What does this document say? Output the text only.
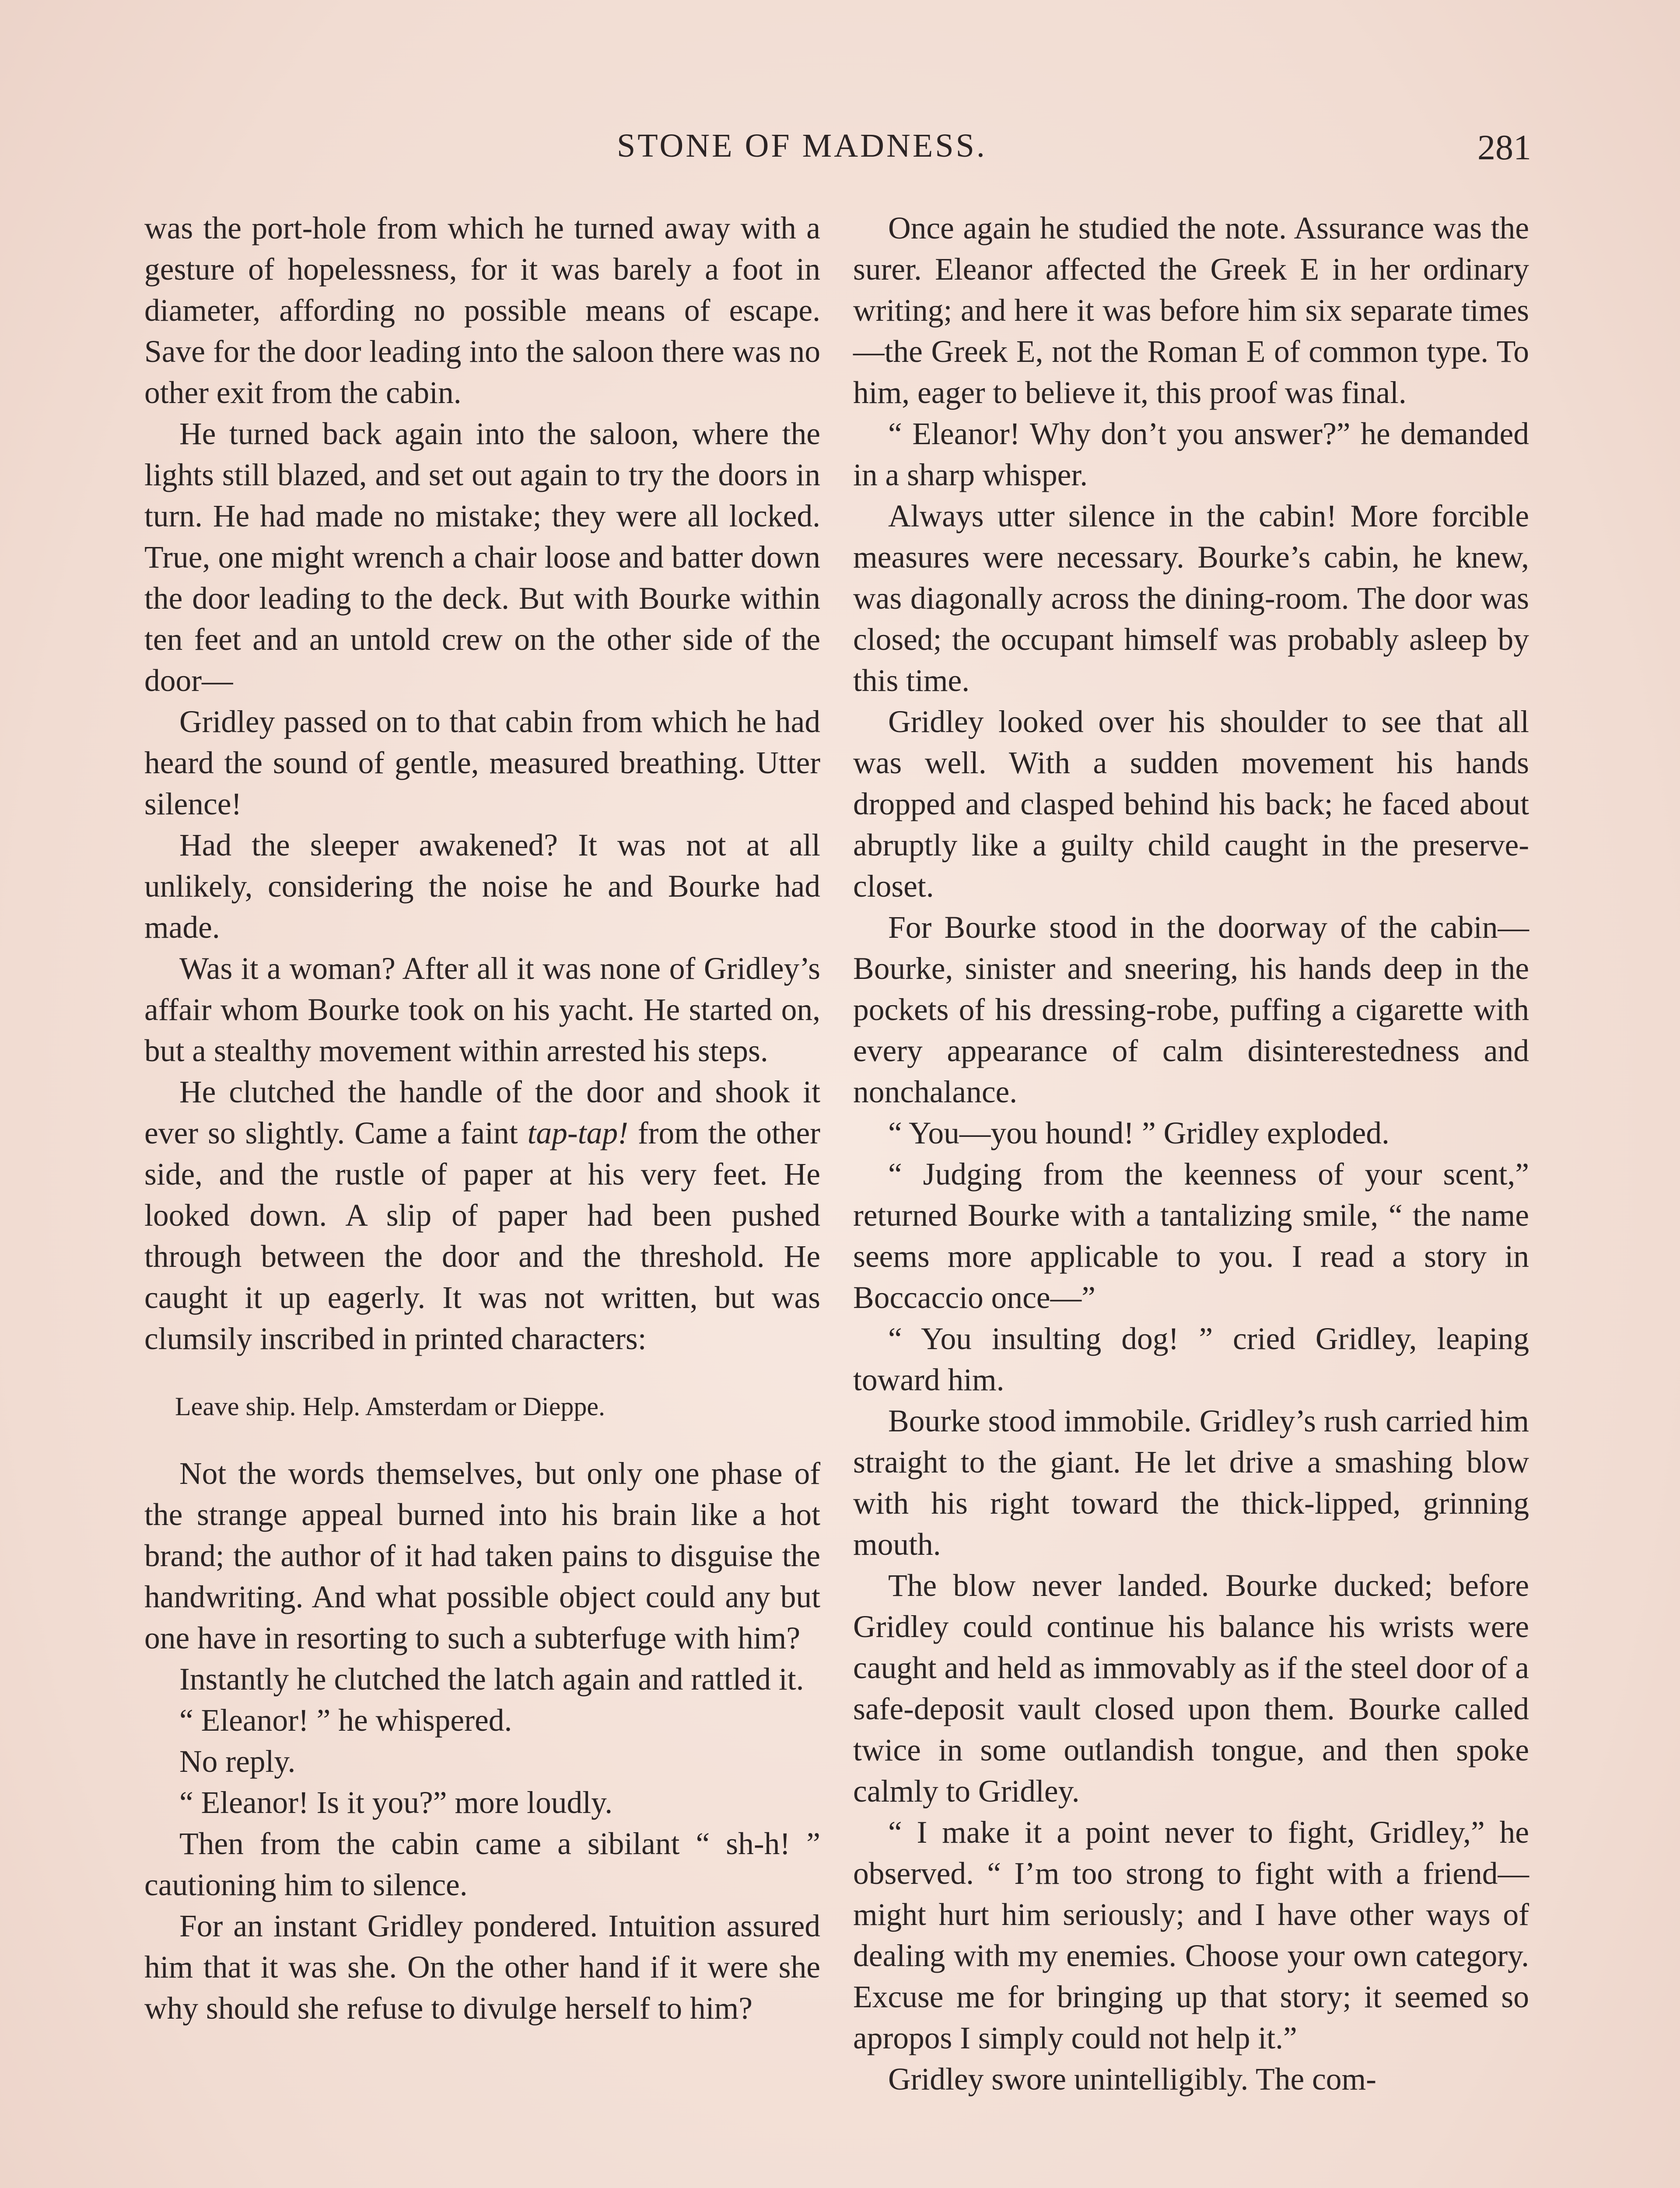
STONE OF MADNESS.	281

was the port-hole from which he turned away with a gesture of hopelessness, for it was barely a foot in diameter, affording no possible means of escape. Save for the door leading into the saloon there was no other exit from the cabin.

He turned back again into the saloon, where the lights still blazed, and set out again to try the doors in turn. He had made no mistake; they were all locked. True, one might wrench a chair loose and batter down the door leading to the deck. But with Bourke within ten feet and an untold crew on the other side of the door—

Gridley passed on to that cabin from which he had heard the sound of gentle, measured breathing. Utter silence!

Had the sleeper awakened? It was not at all unlikely, considering the noise he and Bourke had made.

Was it a woman? After all it was none of Gridley’s affair whom Bourke took on his yacht. He started on, but a stealthy movement within arrested his steps.

He clutched the handle of the door and shook it ever so slightly. Came a faint tap-tap! from the other side, and the rustle of paper at his very feet. He looked down. A slip of paper had been pushed through between the door and the threshold. He caught it up eagerly. It was not written, but was clumsily inscribed in printed characters:

Leave ship. Help. Amsterdam or Dieppe.

Not the words themselves, but only one phase of the strange appeal burned into his brain like a hot brand; the author of it had taken pains to disguise the handwriting. And what possible object could any but one have in resorting to such a subterfuge with him?

Instantly he clutched the latch again and rattled it.

“ Eleanor! ” he whispered.

No reply.

“ Eleanor! Is it you?” more loudly.

Then from the cabin came a sibilant “ sh-h! ” cautioning him to silence.

For an instant Gridley pondered. Intuition assured him that it was she. On the other hand if it were she why should she refuse to divulge herself to him?

Once again he studied the note. Assurance was the surer. Eleanor affected the Greek E in her ordinary writing; and here it was before him six separate times—the Greek E, not the Roman E of common type. To him, eager to believe it, this proof was final.

“ Eleanor! Why don’t you answer?” he demanded in a sharp whisper.

Always utter silence in the cabin! More forcible measures were necessary. Bourke’s cabin, he knew, was diagonally across the dining-room. The door was closed; the occupant himself was probably asleep by this time.

Gridley looked over his shoulder to see that all was well. With a sudden movement his hands dropped and clasped behind his back; he faced about abruptly like a guilty child caught in the preserve-closet.

For Bourke stood in the doorway of the cabin—Bourke, sinister and sneering, his hands deep in the pockets of his dressing-robe, puffing a cigarette with every appearance of calm disinterestedness and nonchalance.

“ You—you hound! ” Gridley exploded.

“ Judging from the keenness of your scent,” returned Bourke with a tantalizing smile, “ the name seems more applicable to you. I read a story in Boccaccio once—”

“ You insulting dog! ” cried Gridley, leaping toward him.

Bourke stood immobile. Gridley’s rush carried him straight to the giant. He let drive a smashing blow with his right toward the thick-lipped, grinning mouth.

The blow never landed. Bourke ducked; before Gridley could continue his balance his wrists were caught and held as immovably as if the steel door of a safe-deposit vault closed upon them. Bourke called twice in some outlandish tongue, and then spoke calmly to Gridley.

“ I make it a point never to fight, Gridley,” he observed. “ I’m too strong to fight with a friend—might hurt him seriously; and I have other ways of dealing with my enemies. Choose your own category. Excuse me for bringing up that story; it seemed so apropos I simply could not help it.”

Gridley swore unintelligibly. The com-
